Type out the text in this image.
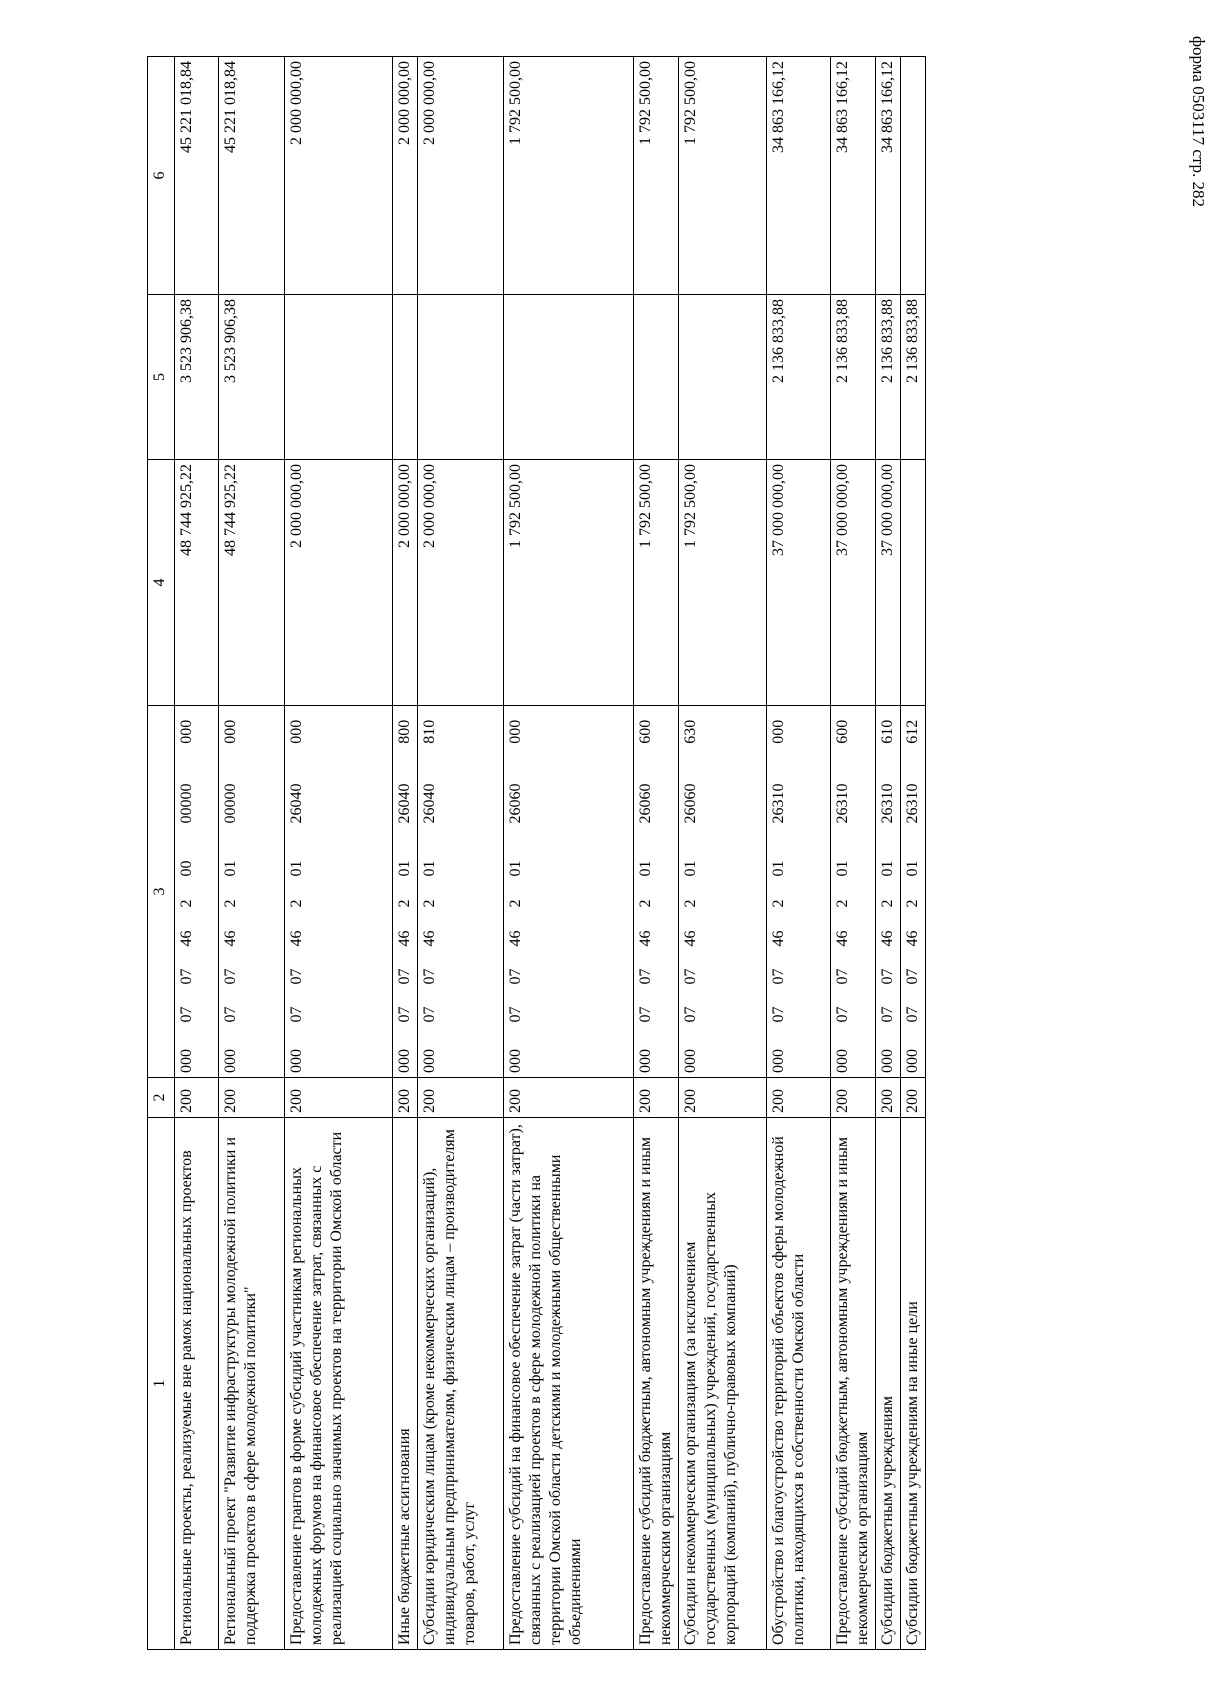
форма 0503117 стр. 282
1	2	3								4	5	6
Региональные проекты, реализуемые вне рамок национальных проектов	200	000	07	07	46	2	00	00000	000	48 744 925,22	3 523 906,38	45 221 018,84
Региональный проект "Развитие инфраструктуры молодежной политики и поддержка проектов в сфере молодежной политики"	200	000	07	07	46	2	01	00000	000	48 744 925,22	3 523 906,38	45 221 018,84
Предоставление грантов в форме субсидий участникам региональных молодежных форумов на финансовое обеспечение затрат, связанных с реализацией социально значимых проектов на территории Омской области	200	000	07	07	46	2	01	26040	000	2 000 000,00		2 000 000,00
Иные бюджетные ассигнования	200	000	07	07	46	2	01	26040	800	2 000 000,00		2 000 000,00
Субсидии юридическим лицам (кроме некоммерческих организаций), индивидуальным предпринимателям, физическим лицам – производителям товаров, работ, услуг	200	000	07	07	46	2	01	26040	810	2 000 000,00		2 000 000,00
Предоставление субсидий на финансовое обеспечение затрат (части затрат), связанных с реализацией проектов в сфере молодежной политики на территории Омской области детскими и молодежными общественными объединениями	200	000	07	07	46	2	01	26060	000	1 792 500,00		1 792 500,00
Предоставление субсидий бюджетным, автономным учреждениям и иным некоммерческим организациям	200	000	07	07	46	2	01	26060	600	1 792 500,00		1 792 500,00
Субсидии некоммерческим организациям (за исключением государственных (муниципальных) учреждений, государственных корпораций (компаний), публично-правовых компаний)	200	000	07	07	46	2	01	26060	630	1 792 500,00		1 792 500,00
Обустройство и благоустройство территорий объектов сферы молодежной политики, находящихся в собственности Омской области	200	000	07	07	46	2	01	26310	000	37 000 000,00	2 136 833,88	34 863 166,12
Предоставление субсидий бюджетным, автономным учреждениям и иным некоммерческим организациям	200	000	07	07	46	2	01	26310	600	37 000 000,00	2 136 833,88	34 863 166,12
Субсидии бюджетным учреждениям	200	000	07	07	46	2	01	26310	610	37 000 000,00	2 136 833,88	34 863 166,12
Субсидии бюджетным учреждениям на иные цели	200	000	07	07	46	2	01	26310	612		2 136 833,88	
